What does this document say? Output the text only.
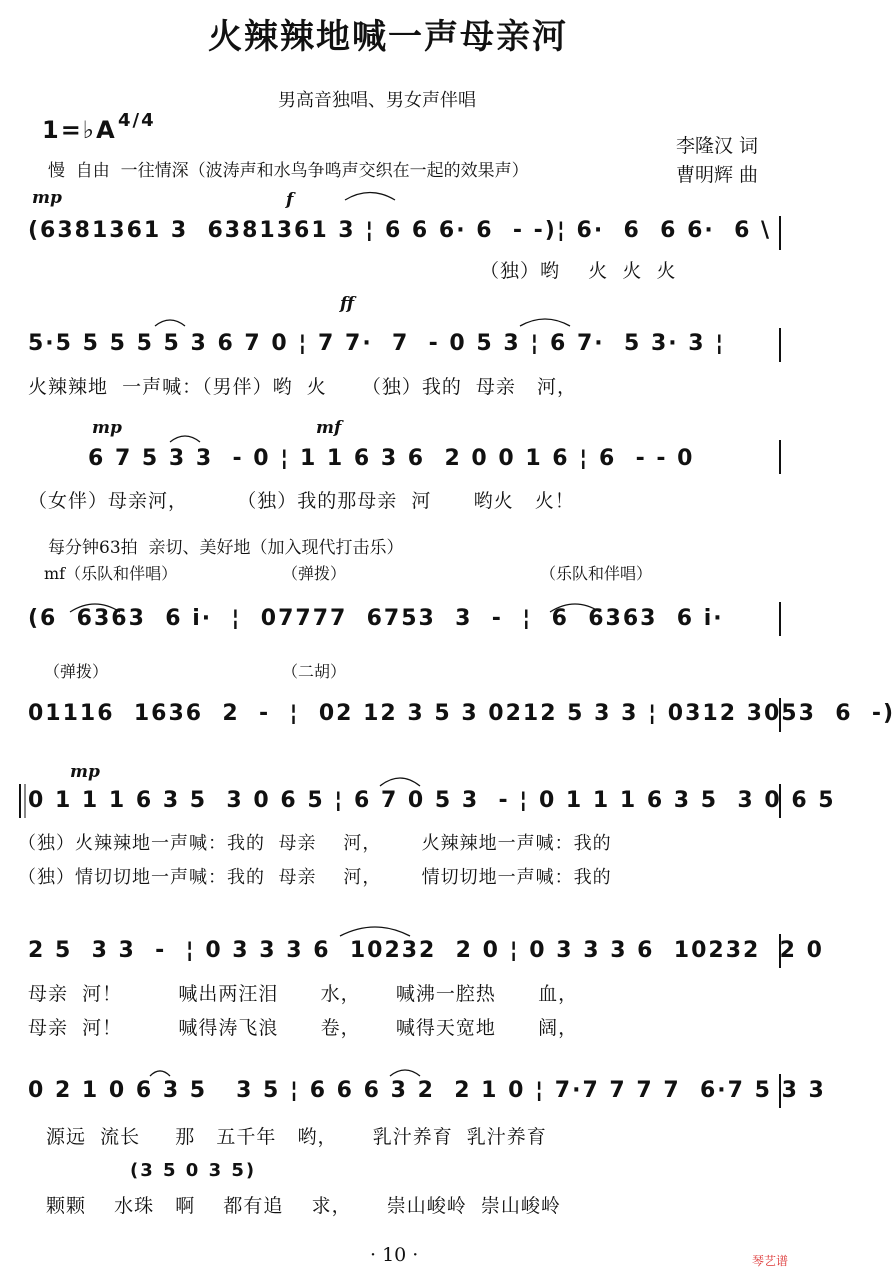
火辣辣地喊一声母亲河
男高音独唱、男女声伴唱
1=♭A 4/4
李隆汉 词
曹明辉 曲
慢  自由  一往情深（波涛声和水鸟争鸣声交织在一起的效果声）
mp	f
(6381361 3  6381361 3 ¦ 6 6 6· 6  - -)¦ 6·  6  6 6·  6 \
（独）哟    火  火  火
ff
5·5 5 5 5 5 3 6 7 0 ¦ 7 7·  7  - 0 5 3 ¦ 6 7·  5 3· 3 ¦
火辣辣地  一声喊：（男伴）哟  火     （独）我的  母亲   河，
mp	mf
6 7 5 3 3  - 0 ¦ 1 1 6 3 6  2 0 0 1 6 ¦ 6  - - 0
（女伴）母亲河，       （独）我的那母亲  河      哟火   火！
每分钟63拍  亲切、美好地（加入现代打击乐）
mf（乐队和伴唱）	（弹拨）	（乐队和伴唱）
(6  6363  6 i·  ¦  07777  6753  3  -  ¦  6  6363  6 i·
（弹拨）	（二胡）
01116  1636  2  -  ¦  02 12 3 5 3 0212 5 3 3 ¦ 0312 3053  6  -)
mp
0 1 1 1 6 3 5  3 0 6 5 ¦ 6 7 0 5 3  - ¦ 0 1 1 1 6 3 5  3 0 6 5
（独）火辣辣地一声喊：我的  母亲    河，      火辣辣地一声喊：我的
（独）情切切地一声喊：我的  母亲    河，      情切切地一声喊：我的
2 5  3 3  -  ¦ 0 3 3 3 6  10232  2 0 ¦ 0 3 3 3 6  10232  2 0
母亲  河！        喊出两汪泪      水，     喊沸一腔热      血，
母亲  河！        喊得涛飞浪      卷，     喊得天宽地      阔，
0 2 1 0 6 3 5   3 5 ¦ 6 6 6 3 2  2 1 0 ¦ 7·7 7 7 7  6·7 5 3 3
源远  流长     那   五千年   哟，     乳汁养育  乳汁养育
(3 5 0 3 5)
颗颗    水珠   啊    都有追    求，     崇山峻岭  崇山峻岭
· 10 ·	琴艺谱
